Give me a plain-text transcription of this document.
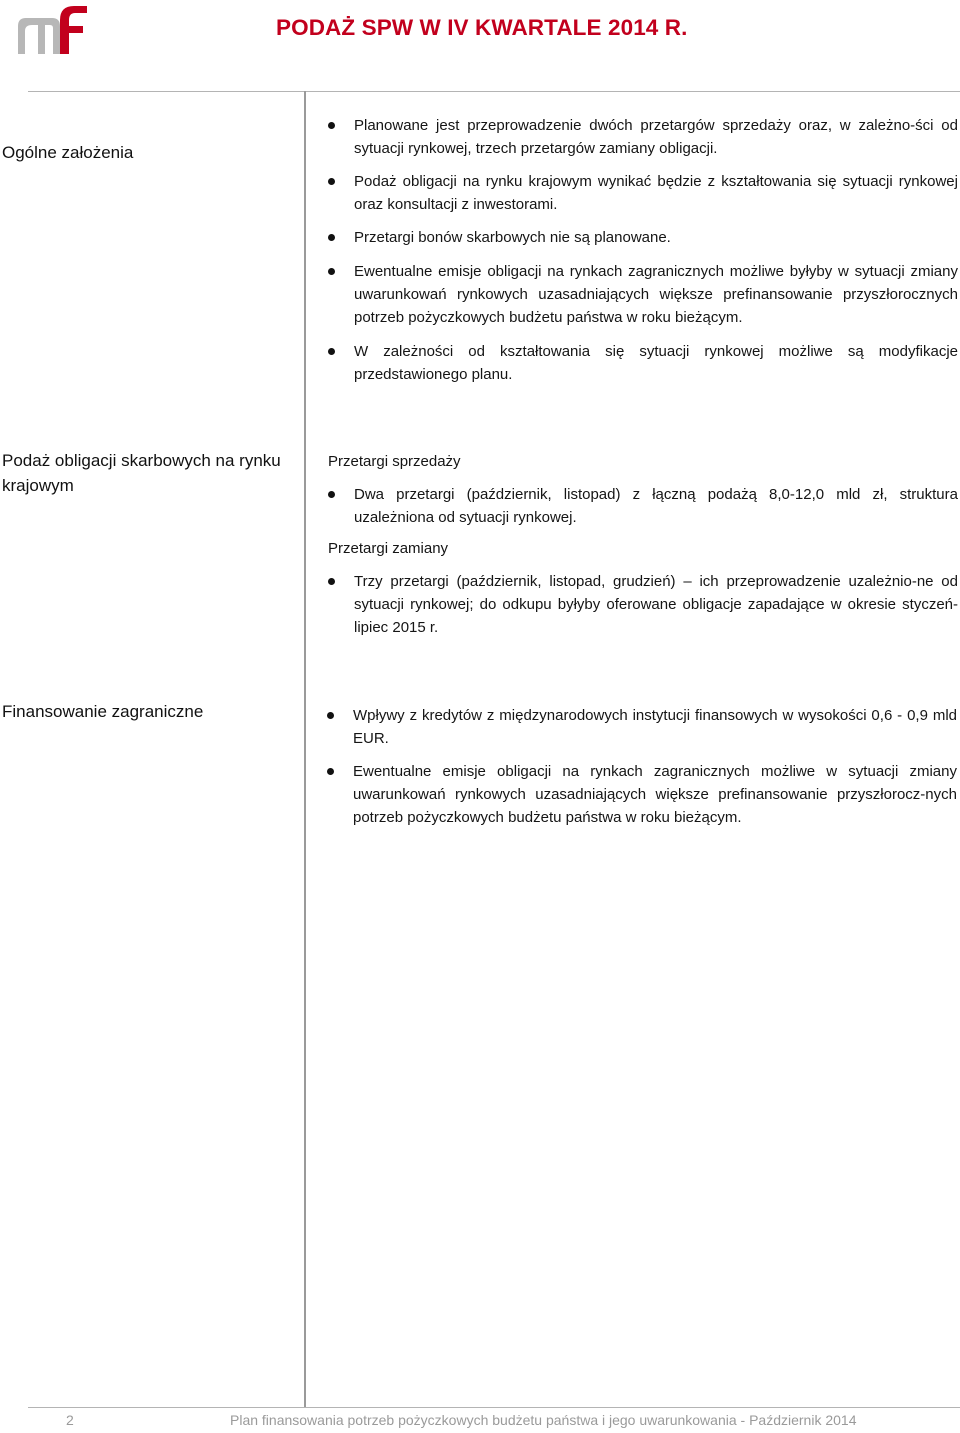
PODAŻ SPW W IV KWARTALE 2014 R.
Ogólne założenia
Planowane jest przeprowadzenie dwóch przetargów sprzedaży oraz, w zależno-ści od sytuacji rynkowej, trzech przetargów zamiany obligacji.
Podaż obligacji na rynku krajowym wynikać będzie z kształtowania się sytuacji rynkowej oraz konsultacji z inwestorami.
Przetargi bonów skarbowych nie są planowane.
Ewentualne emisje obligacji na rynkach zagranicznych możliwe byłyby w sytuacji zmiany uwarunkowań rynkowych uzasadniających większe prefinansowanie przyszłorocznych potrzeb pożyczkowych budżetu państwa w roku bieżącym.
W zależności od kształtowania się sytuacji rynkowej możliwe są modyfikacje przedstawionego planu.
Podaż obligacji skarbowych na rynku krajowym
Przetargi sprzedaży
Dwa przetargi (październik, listopad) z łączną podażą 8,0-12,0 mld zł, struktura uzależniona od sytuacji rynkowej.
Przetargi zamiany
Trzy przetargi (październik, listopad, grudzień) – ich przeprowadzenie uzależnio-ne od sytuacji rynkowej; do odkupu byłyby oferowane obligacje zapadające w okresie styczeń-lipiec 2015 r.
Finansowanie zagraniczne	Wpływy z kredytów z międzynarodowych instytucji finansowych w wysokości 0,6 - 0,9 mld EUR.
Ewentualne emisje obligacji na rynkach zagranicznych możliwe w sytuacji zmiany uwarunkowań rynkowych uzasadniających większe prefinansowanie przyszłorocz-nych potrzeb pożyczkowych budżetu państwa w roku bieżącym.
2	Plan finansowania potrzeb pożyczkowych budżetu państwa i jego uwarunkowania - Październik 2014
